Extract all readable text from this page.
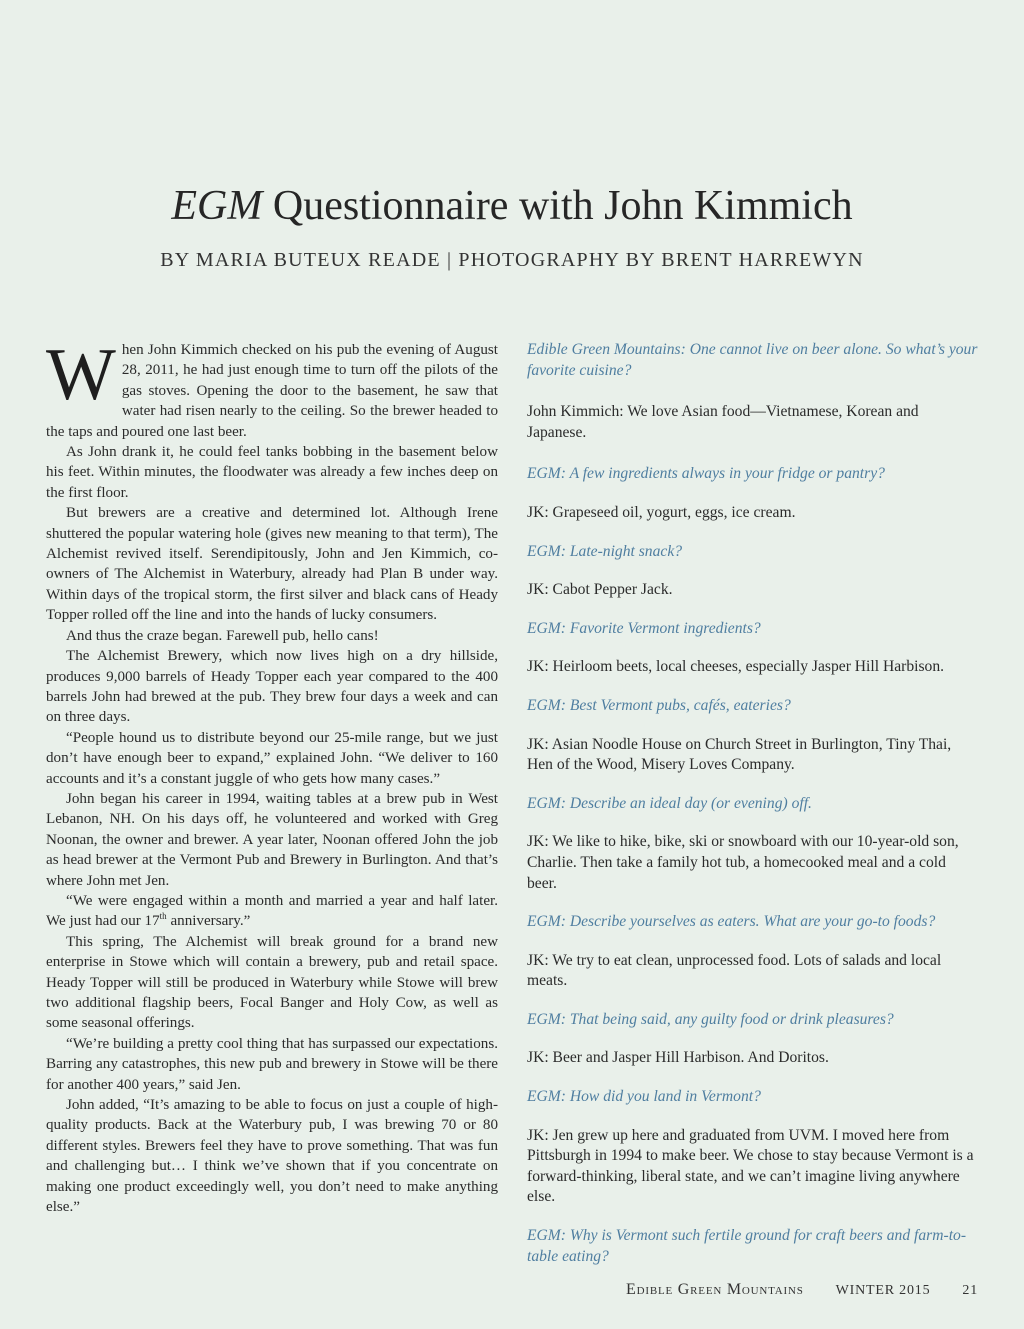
EGM Questionnaire with John Kimmich
BY MARIA BUTEUX READE | PHOTOGRAPHY BY BRENT HARREWYN

When John Kimmich checked on his pub the evening of August 28, 2011, he had just enough time to turn off the pilots of the gas stoves. Opening the door to the basement, he saw that water had risen nearly to the ceiling. So the brewer headed to the taps and poured one last beer.

As John drank it, he could feel tanks bobbing in the basement below his feet. Within minutes, the floodwater was already a few inches deep on the first floor.

But brewers are a creative and determined lot. Although Irene shuttered the popular watering hole (gives new meaning to that term), The Alchemist revived itself. Serendipitously, John and Jen Kimmich, co-owners of The Alchemist in Waterbury, already had Plan B under way. Within days of the tropical storm, the first silver and black cans of Heady Topper rolled off the line and into the hands of lucky consumers.

And thus the craze began. Farewell pub, hello cans!

The Alchemist Brewery, which now lives high on a dry hillside, produces 9,000 barrels of Heady Topper each year compared to the 400 barrels John had brewed at the pub. They brew four days a week and can on three days.

“People hound us to distribute beyond our 25-mile range, but we just don’t have enough beer to expand,” explained John. “We deliver to 160 accounts and it’s a constant juggle of who gets how many cases.”

John began his career in 1994, waiting tables at a brew pub in West Lebanon, NH. On his days off, he volunteered and worked with Greg Noonan, the owner and brewer. A year later, Noonan offered John the job as head brewer at the Vermont Pub and Brewery in Burlington. And that’s where John met Jen.

“We were engaged within a month and married a year and half later. We just had our 17th anniversary.”

This spring, The Alchemist will break ground for a brand new enterprise in Stowe which will contain a brewery, pub and retail space. Heady Topper will still be produced in Waterbury while Stowe will brew two additional flagship beers, Focal Banger and Holy Cow, as well as some seasonal offerings.

“We’re building a pretty cool thing that has surpassed our expectations. Barring any catastrophes, this new pub and brewery in Stowe will be there for another 400 years,” said Jen.

John added, “It’s amazing to be able to focus on just a couple of high-quality products. Back at the Waterbury pub, I was brewing 70 or 80 different styles. Brewers feel they have to prove something. That was fun and challenging but… I think we’ve shown that if you concentrate on making one product exceedingly well, you don’t need to make anything else.”

Edible Green Mountains: One cannot live on beer alone. So what’s your favorite cuisine?

John Kimmich: We love Asian food—Vietnamese, Korean and Japanese.

EGM: A few ingredients always in your fridge or pantry?

JK: Grapeseed oil, yogurt, eggs, ice cream.

EGM: Late-night snack?

JK: Cabot Pepper Jack.

EGM: Favorite Vermont ingredients?

JK: Heirloom beets, local cheeses, especially Jasper Hill Harbison.

EGM: Best Vermont pubs, cafés, eateries?

JK: Asian Noodle House on Church Street in Burlington, Tiny Thai, Hen of the Wood, Misery Loves Company.

EGM: Describe an ideal day (or evening) off.

JK: We like to hike, bike, ski or snowboard with our 10-year-old son, Charlie. Then take a family hot tub, a homecooked meal and a cold beer.

EGM: Describe yourselves as eaters. What are your go-to foods?

JK: We try to eat clean, unprocessed food. Lots of salads and local meats.

EGM: That being said, any guilty food or drink pleasures?

JK: Beer and Jasper Hill Harbison. And Doritos.

EGM: How did you land in Vermont?

JK: Jen grew up here and graduated from UVM. I moved here from Pittsburgh in 1994 to make beer. We chose to stay because Vermont is a forward-thinking, liberal state, and we can’t imagine living anywhere else.

EGM: Why is Vermont such fertile ground for craft beers and farm-to-table eating?

Edible Green Mountains WINTER 2015 21
